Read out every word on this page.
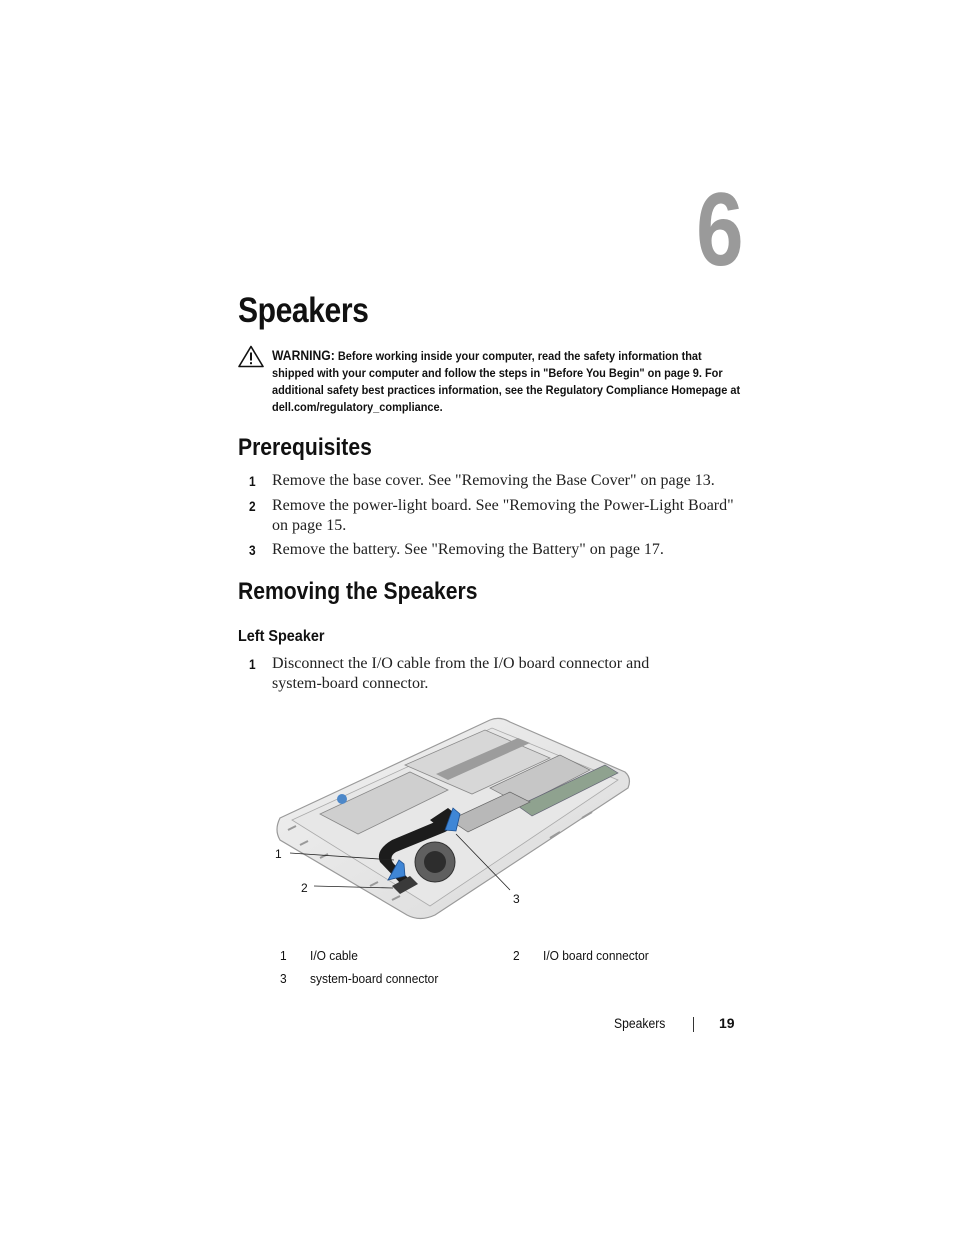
6
Speakers
WARNING: Before working inside your computer, read the safety information that shipped with your computer and follow the steps in "Before You Begin" on page 9. For additional safety best practices information, see the Regulatory Compliance Homepage at dell.com/regulatory_compliance.
Prerequisites
1 Remove the base cover. See "Removing the Base Cover" on page 13.
2 Remove the power-light board. See "Removing the Power-Light Board" on page 15.
3 Remove the battery. See "Removing the Battery" on page 17.
Removing the Speakers
Left Speaker
1 Disconnect the I/O cable from the I/O board connector and system-board connector.
1
2
3
1 I/O cable	2 I/O board connector
3 system-board connector
Speakers	19
